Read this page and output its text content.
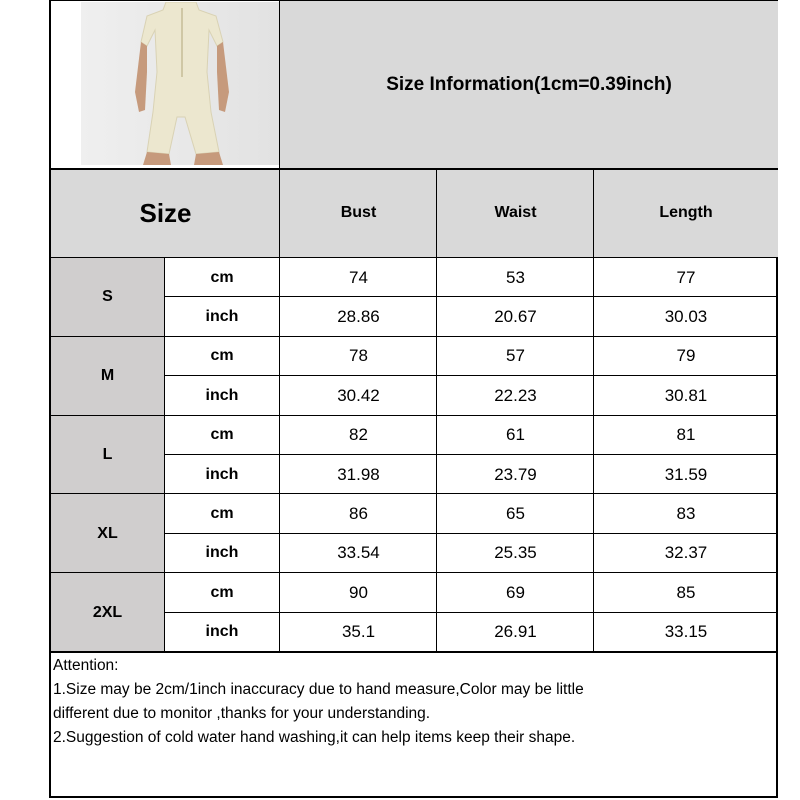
Size Information(1cm=0.39inch)
Size	Bust	Waist	Length
S
cm	74	53	77
inch	28.86	20.67	30.03
M
cm	78	57	79
inch	30.42	22.23	30.81
L
cm	82	61	81
inch	31.98	23.79	31.59
XL
cm	86	65	83
inch	33.54	25.35	32.37
2XL
cm	90	69	85
inch	35.1	26.91	33.15
Attention:
1.Size may be 2cm/1inch inaccuracy due to hand measure,Color may be little
different due to monitor ,thanks for your understanding.
2.Suggestion of cold water hand washing,it can help items keep their shape.
